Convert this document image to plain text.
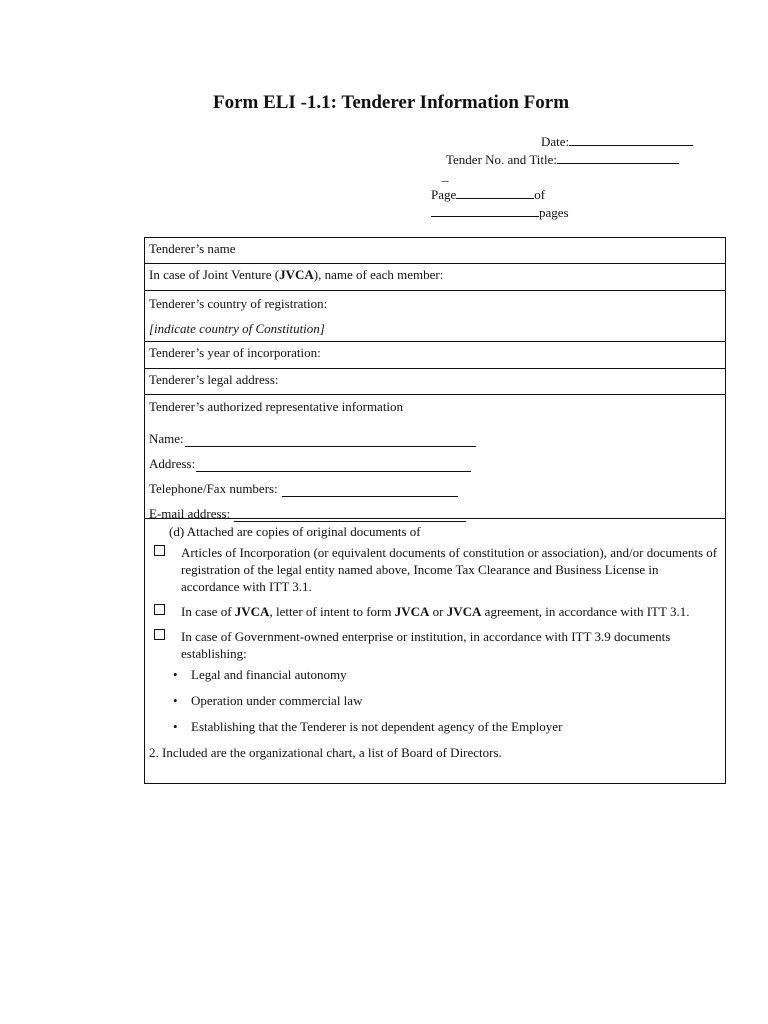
Form ELI -1.1: Tenderer Information Form
Date:
Tender No. and Title:
_
Page	of
pages
Tenderer’s name
In case of Joint Venture (JVCA), name of each member:
Tenderer’s country of registration:
[indicate country of Constitution]
Tenderer’s year of incorporation:
Tenderer’s legal address:
Tenderer’s authorized representative information
Name:
Address:
Telephone/Fax numbers:
E-mail address:
(d) Attached are copies of original documents of
Articles of Incorporation (or equivalent documents of constitution or association), and/or documents of registration of the legal entity named above, Income Tax Clearance and Business License in accordance with ITT 3.1.
In case of JVCA, letter of intent to form JVCA or JVCA agreement, in accordance with ITT 3.1.
In case of Government-owned enterprise or institution, in accordance with ITT 3.9 documents establishing:
• Legal and financial autonomy
• Operation under commercial law
• Establishing that the Tenderer is not dependent agency of the Employer
2. Included are the organizational chart, a list of Board of Directors.
